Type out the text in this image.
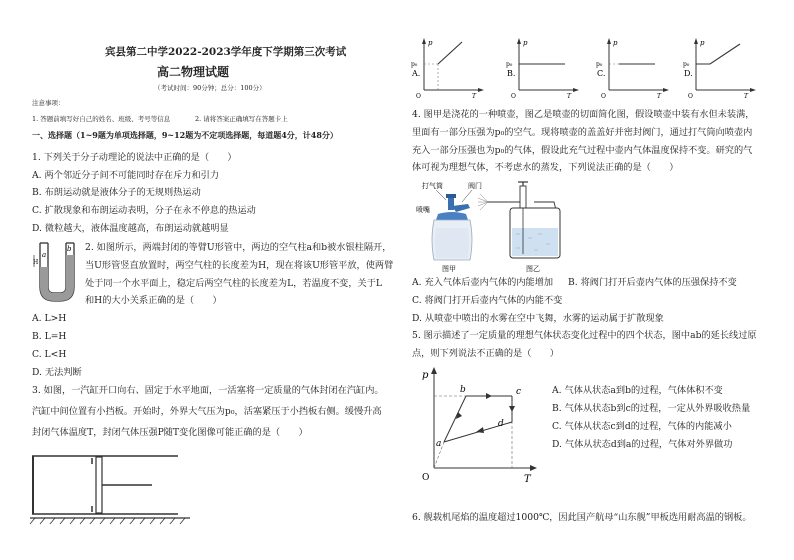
宾县第二中学2022-2023学年度下学期第三次考试
高二物理试题
（考试时间：90分钟；总分：100分）
注意事项：
1. 答题前填写好自己的姓名、班级、考号等信息	2. 请将答案正确填写在答题卡上
一、选择题（1~9题为单项选择题，9~12题为不定项选择题，每道题4分，计48分）
1. 下列关于分子动理论的说法中正确的是（　　）
A. 两个邻近分子间不可能同时存在斥力和引力
B. 布朗运动就是液体分子的无规则热运动
C. 扩散现象和布朗运动表明，分子在永不停息的热运动
D. 微粒越大，液体温度越高，布朗运动就越明显
H
a
b 2. 如图所示，两端封闭的等臂U形管中，两边的空气柱a和b被水银柱隔开，
当U形管竖直放置时，两空气柱的长度差为H，现在将该U形管平放，使两臂
处于同一个水平面上，稳定后两空气柱的长度差为L，若温度不变，关于L
和H的大小关系正确的是（　　）
A. L>H
B. L=H
C. L<H
D. 无法判断
3. 如图，一汽缸开口向右、固定于水平地面，一活塞将一定质量的气体封闭在汽缸内。
汽缸中间位置有小挡板。开始时，外界大气压为p₀，活塞紧压于小挡板右侧。缓慢升高
封闭气体温度T，封闭气体压强P随T变化图像可能正确的是（　　）
A.
p
T
O
p₀
B.
p
T
O
p₀
C.
p
T
O
p₀
D.
p
T
O
p₀
4. 图甲是浇花的一种喷壶，图乙是喷壶的切面简化图，假设喷壶中装有水但未装满，
里面有一部分压强为p₀的空气。现将喷壶的盖盖好并密封阀门，通过打气筒向喷壶内
充入一部分压强也为p₀的气体，假设此充气过程中壶内气体温度保持不变。研究的气
体可视为理想气体，不考虑水的蒸发，下列说法正确的是（　　）
打气筒	阀门
喷嘴
图甲	图乙
A. 充入气体后壶内气体的内能增加 B. 将阀门打开后壶内气体的压强保持不变
C. 将阀门打开后壶内气体的内能不变
D. 从喷壶中喷出的水雾在空中飞舞，水雾的运动属于扩散现象
5. 图示描述了一定质量的理想气体状态变化过程中的四个状态，图中ab的延长线过原
点，则下列说法不正确的是（　　）
p
T
O
b	c
d
a
A. 气体从状态a到b的过程，气体体积不变
B. 气体从状态b到c的过程，一定从外界吸收热量
C. 气体从状态c到d的过程，气体的内能减小
D. 气体从状态d到a的过程，气体对外界做功
6. 舰载机尾焰的温度超过1000℃，因此国产航母“山东舰”甲板选用耐高温的钢板。
